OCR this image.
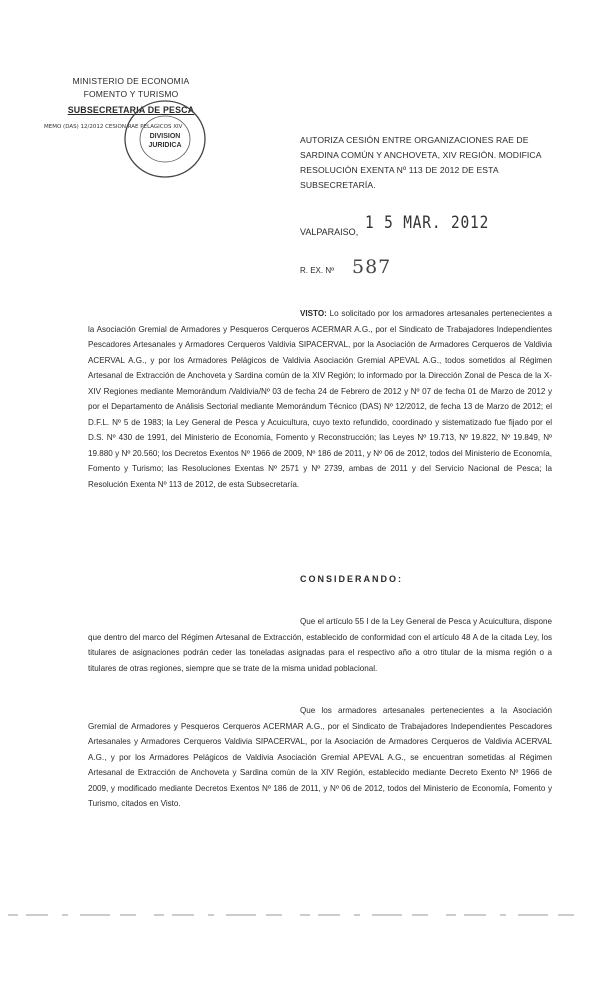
MINISTERIO DE ECONOMIA
FOMENTO Y TURISMO
SUBSECRETARIA DE PESCA
MEMO (DAS) 12/2012 CESION RAE PELAGICOS XIV
DIVISION
JURIDICA
AUTORIZA CESIÓN ENTRE ORGANIZACIONES RAE DE SARDINA COMÚN Y ANCHOVETA, XIV REGIÓN. MODIFICA RESOLUCIÓN EXENTA Nº 113 DE 2012 DE ESTA SUBSECRETARÍA.
1 5 MAR. 2012
VALPARAISO,
R. EX. Nº 587
VISTO: Lo solicitado por los armadores artesanales pertenecientes a la Asociación Gremial de Armadores y Pesqueros Cerqueros ACERMAR A.G., por el Sindicato de Trabajadores Independientes Pescadores Artesanales y Armadores Cerqueros Valdivia SIPACERVAL, por la Asociación de Armadores Cerqueros de Valdivia ACERVAL A.G., y por los Armadores Pelágicos de Valdivia Asociación Gremial APEVAL A.G., todos sometidos al Régimen Artesanal de Extracción de Anchoveta y Sardina común de la XIV Región; lo informado por la Dirección Zonal de Pesca de la X-XIV Regiones mediante Memorándum /Valdivia/Nº 03 de fecha 24 de Febrero de 2012 y Nº 07 de fecha 01 de Marzo de 2012 y por el Departamento de Análisis Sectorial mediante Memorándum Técnico (DAS) Nº 12/2012, de fecha 13 de Marzo de 2012; el D.F.L. Nº 5 de 1983; la Ley General de Pesca y Acuicultura, cuyo texto refundido, coordinado y sistematizado fue fijado por el D.S. Nº 430 de 1991, del Ministerio de Economía, Fomento y Reconstrucción; las Leyes Nº 19.713, Nº 19.822, Nº 19.849, Nº 19.880 y Nº 20.560; los Decretos Exentos Nº 1966 de 2009, Nº 186 de 2011, y Nº 06 de 2012, todos del Ministerio de Economía, Fomento y Turismo; las Resoluciones Exentas Nº 2571 y Nº 2739, ambas de 2011 y del Servicio Nacional de Pesca; la Resolución Exenta Nº 113 de 2012, de esta Subsecretaría.
CONSIDERANDO:
Que el artículo 55 I de la Ley General de Pesca y Acuicultura, dispone que dentro del marco del Régimen Artesanal de Extracción, establecido de conformidad con el artículo 48 A de la citada Ley, los titulares de asignaciones podrán ceder las toneladas asignadas para el respectivo año a otro titular de la misma región o a titulares de otras regiones, siempre que se trate de la misma unidad poblacional.
Que los armadores artesanales pertenecientes a la Asociación Gremial de Armadores y Pesqueros Cerqueros ACERMAR A.G., por el Sindicato de Trabajadores Independientes Pescadores Artesanales y Armadores Cerqueros Valdivia SIPACERVAL, por la Asociación de Armadores Cerqueros de Valdivia ACERVAL A.G., y por los Armadores Pelágicos de Valdivia Asociación Gremial APEVAL A.G., se encuentran sometidas al Régimen Artesanal de Extracción de Anchoveta y Sardina común de la XIV Región, establecido mediante Decreto Exento Nº 1966 de 2009, y modificado mediante Decretos Exentos Nº 186 de 2011, y Nº 06 de 2012, todos del Ministerio de Economía, Fomento y Turismo, citados en Visto.
